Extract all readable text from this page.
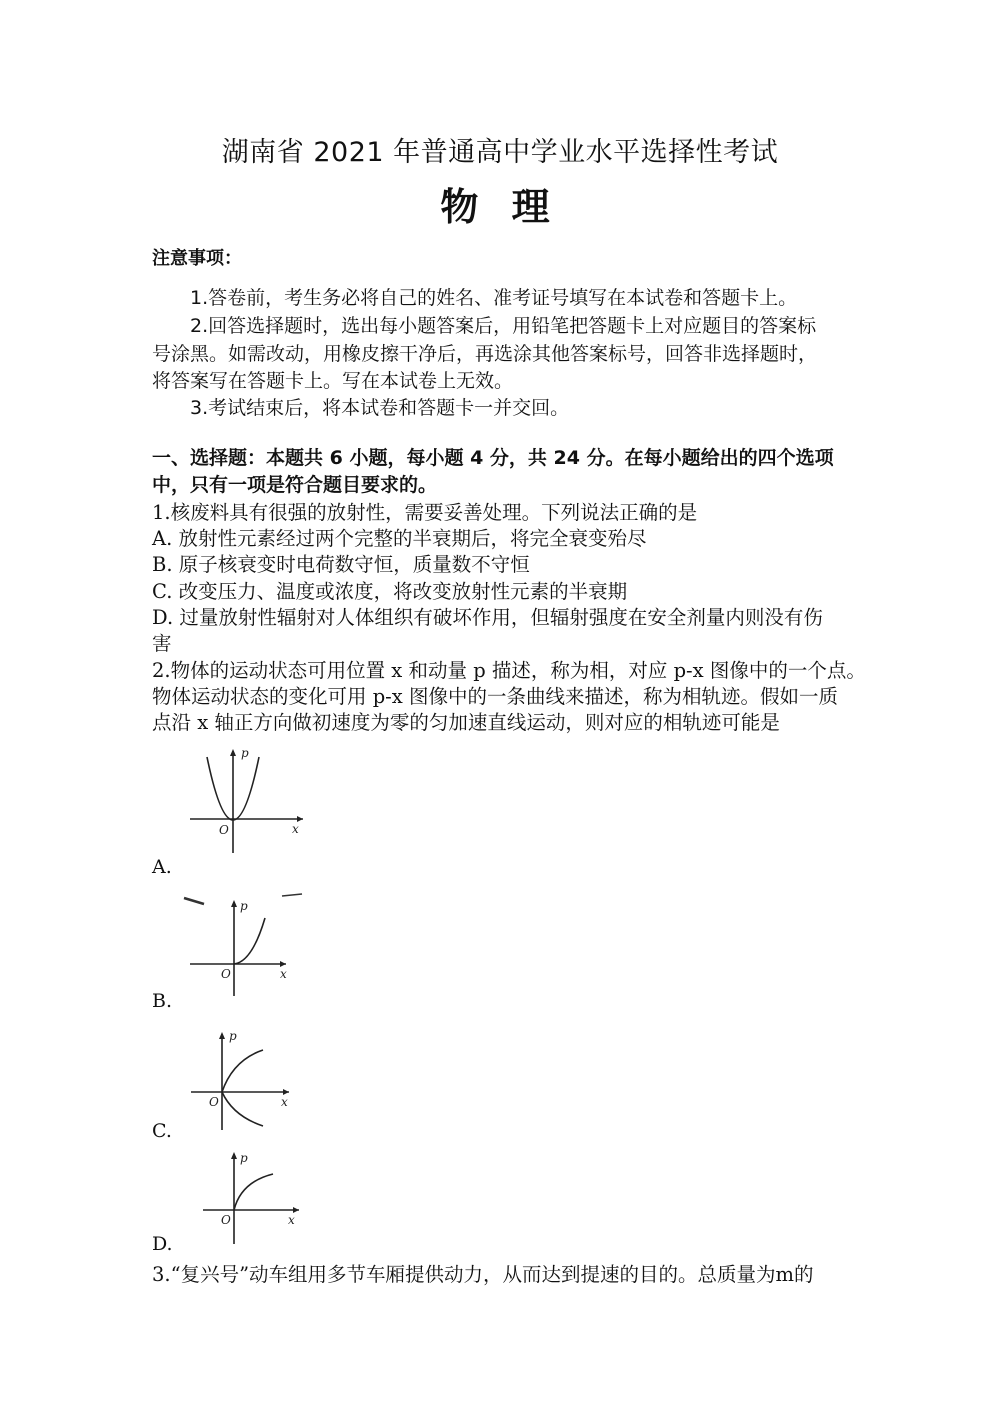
湖南省 2021 年普通高中学业水平选择性考试
物 理
注意事项：
1.答卷前，考生务必将自己的姓名、准考证号填写在本试卷和答题卡上。
2.回答选择题时，选出每小题答案后，用铅笔把答题卡上对应题目的答案标
号涂黑。如需改动，用橡皮擦干净后，再选涂其他答案标号，回答非选择题时，
将答案写在答题卡上。写在本试卷上无效。
3.考试结束后，将本试卷和答题卡一并交回。
一、选择题：本题共 6 小题，每小题 4 分，共 24 分。在每小题给出的四个选项
中，只有一项是符合题目要求的。
1.核废料具有很强的放射性，需要妥善处理。下列说法正确的是
A. 放射性元素经过两个完整的半衰期后，将完全衰变殆尽
B. 原子核衰变时电荷数守恒，质量数不守恒
C. 改变压力、温度或浓度，将改变放射性元素的半衰期
D. 过量放射性辐射对人体组织有破坏作用，但辐射强度在安全剂量内则没有伤
害
2.物体的运动状态可用位置 x 和动量 p 描述，称为相，对应 p-x 图像中的一个点。
物体运动状态的变化可用 p-x 图像中的一条曲线来描述，称为相轨迹。假如一质
点沿 x 轴正方向做初速度为零的匀加速直线运动，则对应的相轨迹可能是
p
x
O
A.
p
x
O
B.
p
x
O
C.
p
x
O
D.
3.“复兴号”动车组用多节车厢提供动力，从而达到提速的目的。总质量为m的
